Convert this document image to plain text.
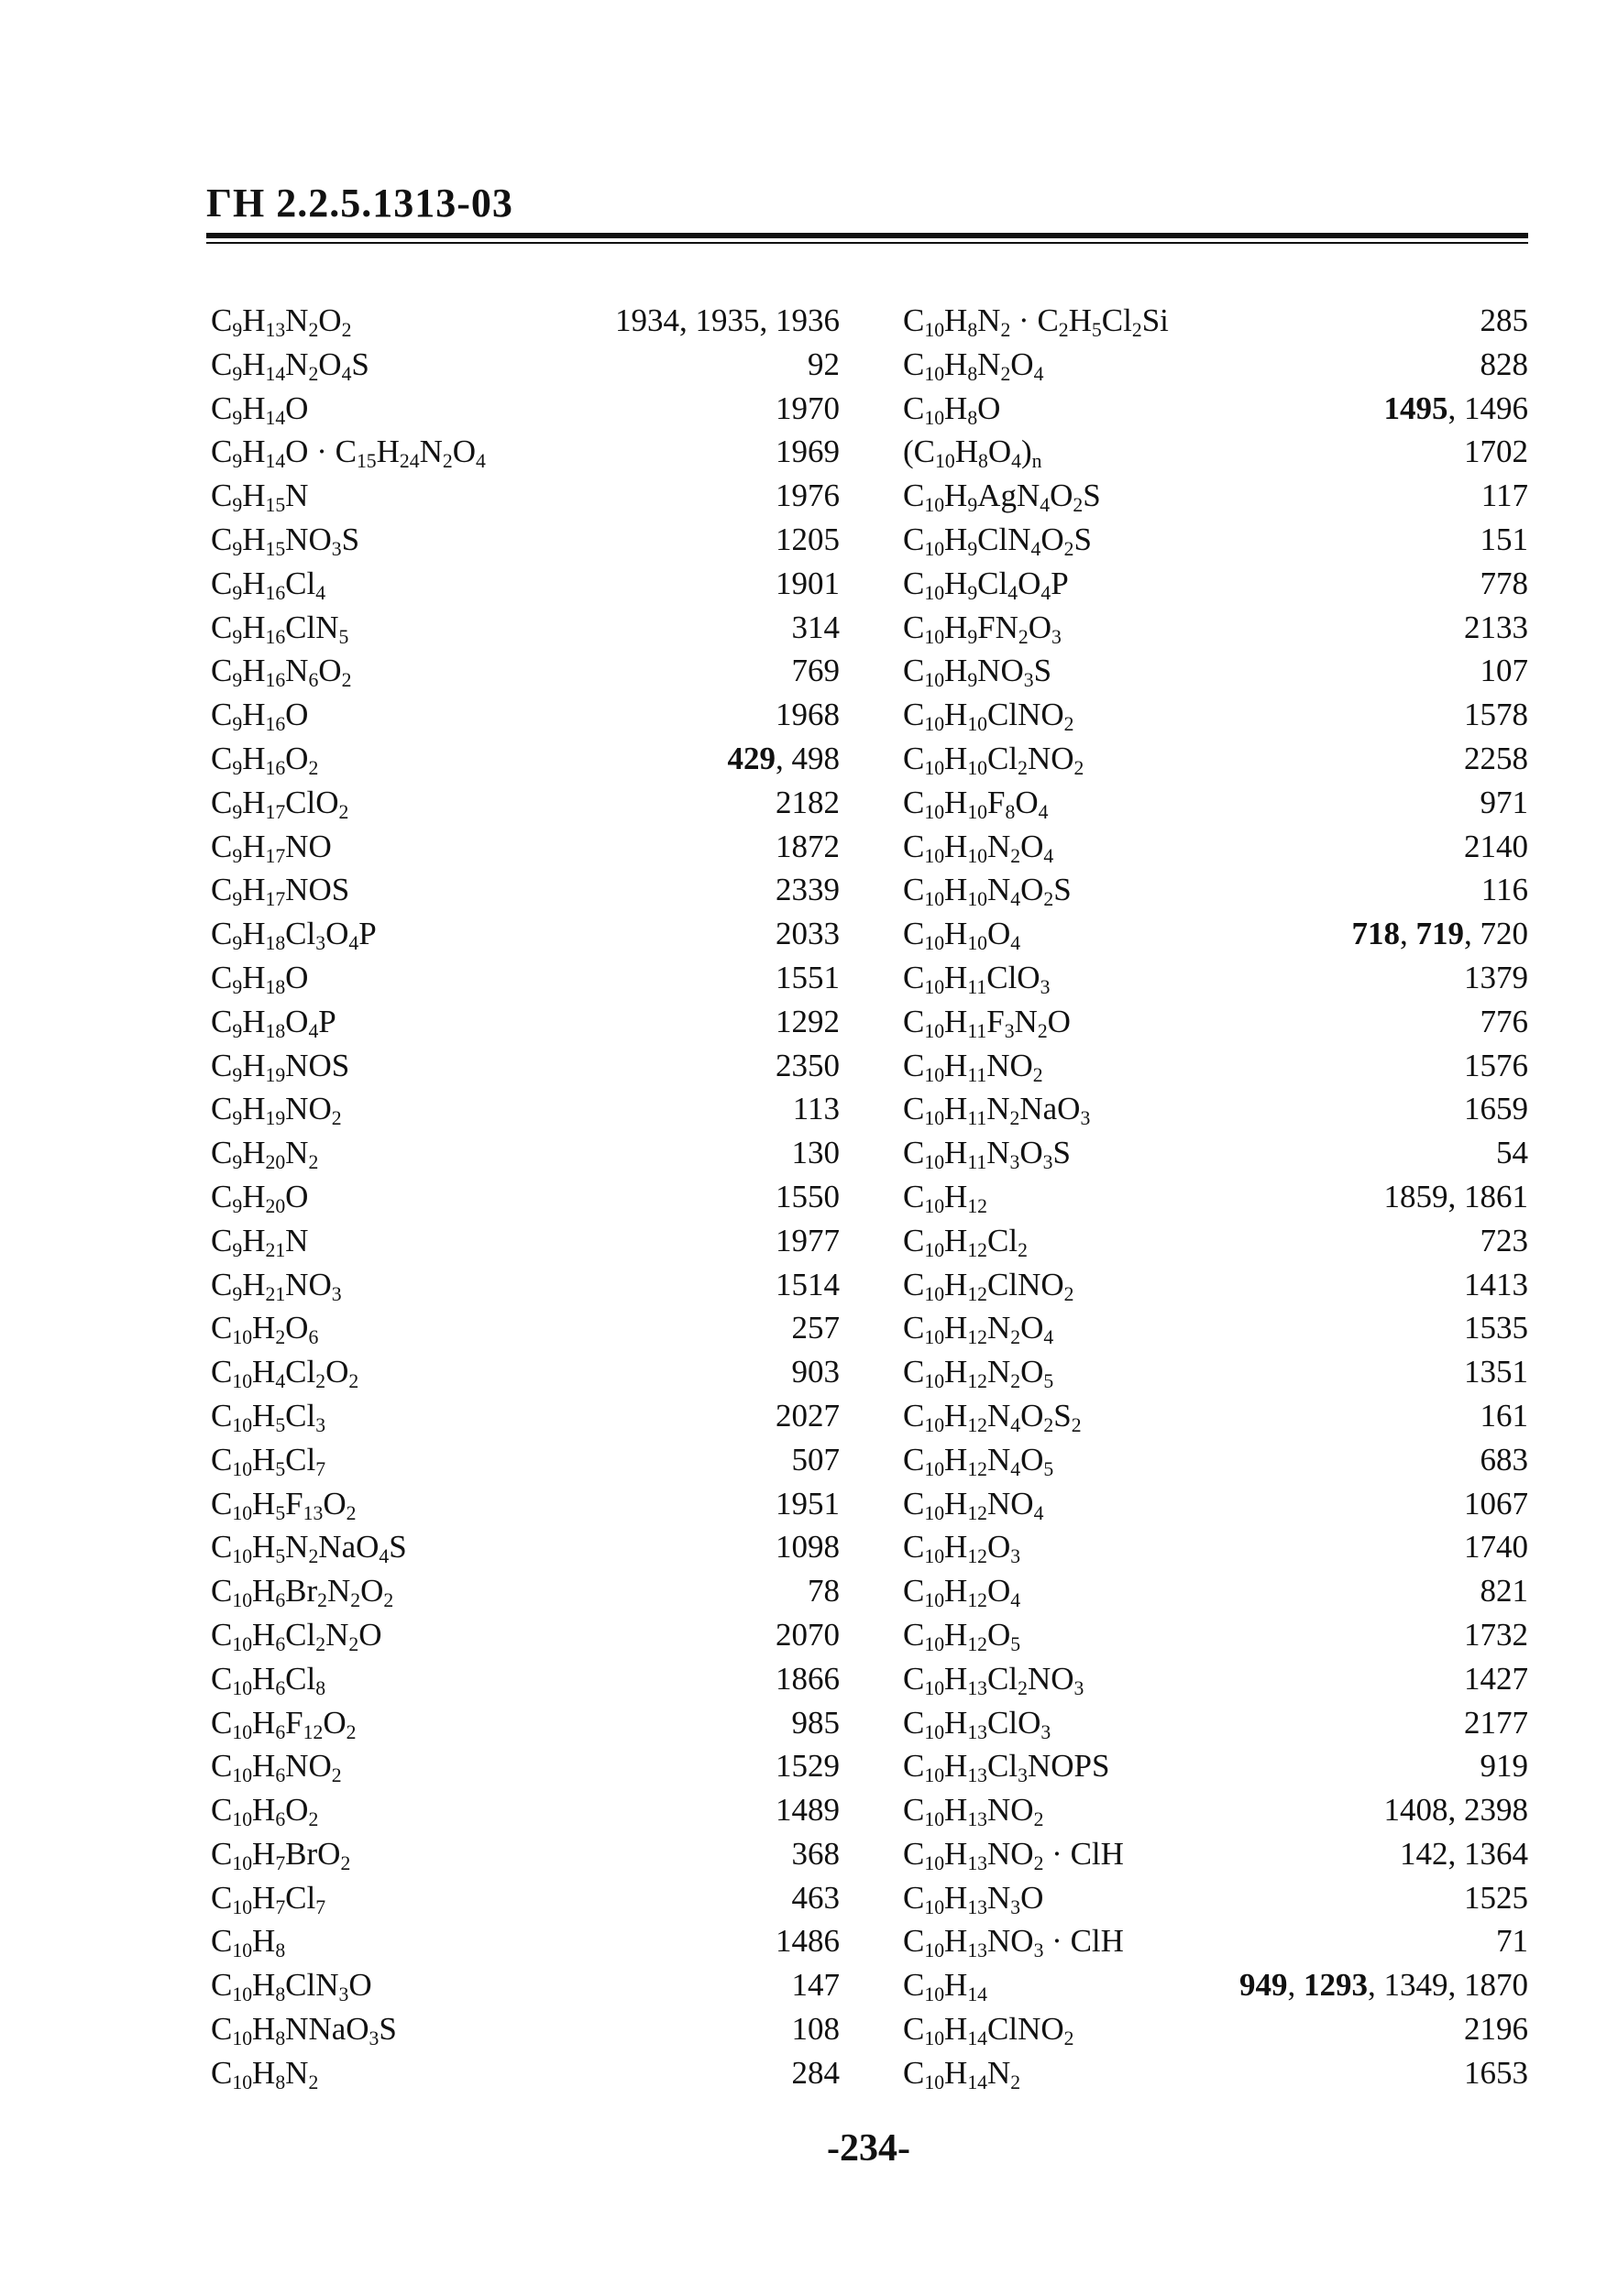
ГН 2.2.5.1313-03
$C_9H_{13}N_2O_2$	1934, 1935, 1936
$C_9H_{14}N_2O_4S$	92
$C_9H_{14}O$	1970
$C_9H_{14}O \cdot C_{15}H_{24}N_2O_4$	1969
$C_9H_{15}N$	1976
$C_9H_{15}NO_3S$	1205
$C_9H_{16}Cl_4$	1901
$C_9H_{16}ClN_5$	314
$C_9H_{16}N_6O_2$	769
$C_9H_{16}O$	1968
$C_9H_{16}O_2$	429, 498
$C_9H_{17}ClO_2$	2182
$C_9H_{17}NO$	1872
$C_9H_{17}NOS$	2339
$C_9H_{18}Cl_3O_4P$	2033
$C_9H_{18}O$	1551
$C_9H_{18}O_4P$	1292
$C_9H_{19}NOS$	2350
$C_9H_{19}NO_2$	113
$C_9H_{20}N_2$	130
$C_9H_{20}O$	1550
$C_9H_{21}N$	1977
$C_9H_{21}NO_3$	1514
$C_{10}H_2O_6$	257
$C_{10}H_4Cl_2O_2$	903
$C_{10}H_5Cl_3$	2027
$C_{10}H_5Cl_7$	507
$C_{10}H_5F_{13}O_2$	1951
$C_{10}H_5N_2NaO_4S$	1098
$C_{10}H_6Br_2N_2O_2$	78
$C_{10}H_6Cl_2N_2O$	2070
$C_{10}H_6Cl_8$	1866
$C_{10}H_6F_{12}O_2$	985
$C_{10}H_6NO_2$	1529
$C_{10}H_6O_2$	1489
$C_{10}H_7BrO_2$	368
$C_{10}H_7Cl_7$	463
$C_{10}H_8$	1486
$C_{10}H_8ClN_3O$	147
$C_{10}H_8NNaO_3S$	108
$C_{10}H_8N_2$	284
$C_{10}H_8N_2 \cdot C_2H_5Cl_2Si$	285
$C_{10}H_8N_2O_4$	828
$C_{10}H_8O$	1495, 1496
$(C_{10}H_8O_4)_n$	1702
$C_{10}H_9AgN_4O_2S$	117
$C_{10}H_9ClN_4O_2S$	151
$C_{10}H_9Cl_4O_4P$	778
$C_{10}H_9FN_2O_3$	2133
$C_{10}H_9NO_3S$	107
$C_{10}H_{10}ClNO_2$	1578
$C_{10}H_{10}Cl_2NO_2$	2258
$C_{10}H_{10}F_8O_4$	971
$C_{10}H_{10}N_2O_4$	2140
$C_{10}H_{10}N_4O_2S$	116
$C_{10}H_{10}O_4$	718, 719, 720
$C_{10}H_{11}ClO_3$	1379
$C_{10}H_{11}F_3N_2O$	776
$C_{10}H_{11}NO_2$	1576
$C_{10}H_{11}N_2NaO_3$	1659
$C_{10}H_{11}N_3O_3S$	54
$C_{10}H_{12}$	1859, 1861
$C_{10}H_{12}Cl_2$	723
$C_{10}H_{12}ClNO_2$	1413
$C_{10}H_{12}N_2O_4$	1535
$C_{10}H_{12}N_2O_5$	1351
$C_{10}H_{12}N_4O_2S_2$	161
$C_{10}H_{12}N_4O_5$	683
$C_{10}H_{12}NO_4$	1067
$C_{10}H_{12}O_3$	1740
$C_{10}H_{12}O_4$	821
$C_{10}H_{12}O_5$	1732
$C_{10}H_{13}Cl_2NO_3$	1427
$C_{10}H_{13}ClO_3$	2177
$C_{10}H_{13}Cl_3NOPS$	919
$C_{10}H_{13}NO_2$	1408, 2398
$C_{10}H_{13}NO_2$ · ClH	142, 1364
$C_{10}H_{13}N_3O$	1525
$C_{10}H_{13}NO_3$ · ClH	71
$C_{10}H_{14}$	949, 1293, 1349, 1870
$C_{10}H_{14}ClNO_2$	2196
$C_{10}H_{14}N_2$	1653
-234-
